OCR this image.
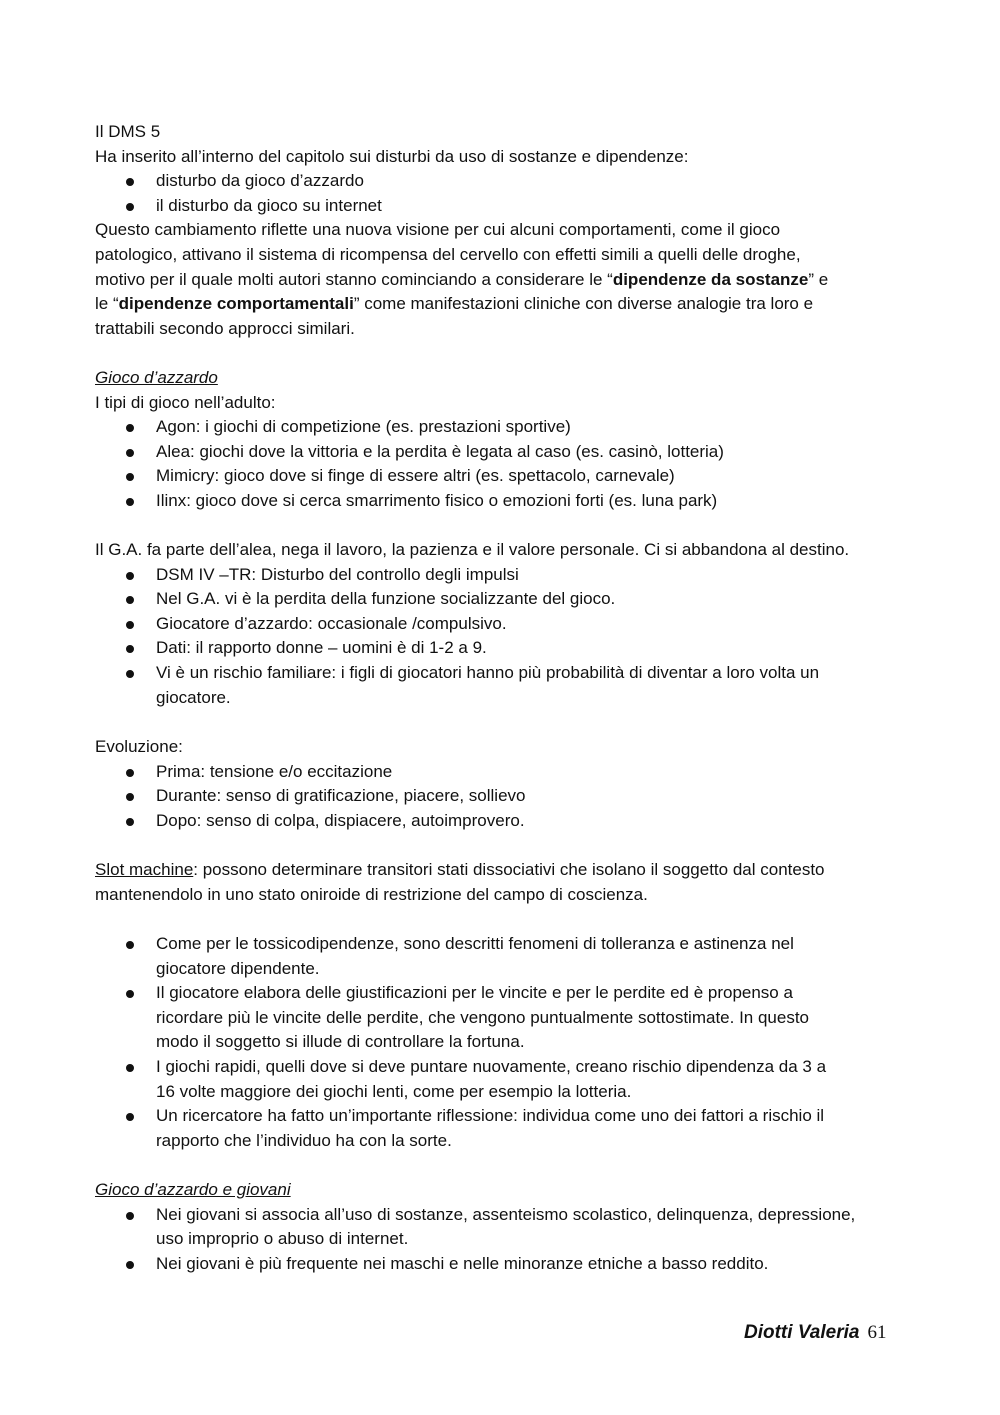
Il DMS 5
Ha inserito all’interno del capitolo sui disturbi da uso di sostanze e dipendenze:
disturbo da gioco d’azzardo
il disturbo da gioco su internet
Questo cambiamento riflette una nuova visione per cui alcuni comportamenti, come il gioco
patologico, attivano il sistema di ricompensa del cervello con effetti simili a quelli delle droghe,
motivo per il quale molti autori stanno cominciando a considerare le “dipendenze da sostanze” e
le “dipendenze comportamentali” come manifestazioni cliniche con diverse analogie tra loro e
trattabili secondo approcci similari.
Gioco d’azzardo
I tipi di gioco nell’adulto:
Agon: i giochi di competizione (es. prestazioni sportive)
Alea: giochi dove la vittoria e la perdita è legata al caso (es. casinò, lotteria)
Mimicry: gioco dove si finge di essere altri (es. spettacolo, carnevale)
Ilinx: gioco dove si cerca smarrimento fisico o emozioni forti (es. luna park)
Il G.A. fa parte dell’alea, nega il lavoro, la pazienza e il valore personale. Ci si abbandona al destino.
DSM IV –TR: Disturbo del controllo degli impulsi
Nel G.A. vi è la perdita della funzione socializzante del gioco.
Giocatore d’azzardo: occasionale /compulsivo.
Dati: il rapporto donne – uomini è di 1-2 a 9.
Vi è un rischio familiare: i figli di giocatori hanno più probabilità di diventar a loro volta un
giocatore.
Evoluzione:
Prima: tensione e/o eccitazione
Durante: senso di gratificazione, piacere, sollievo
Dopo: senso di colpa, dispiacere, autoimprovero.
Slot machine: possono determinare transitori stati dissociativi che isolano il soggetto dal contesto
mantenendolo in uno stato oniroide di restrizione del campo di coscienza.
Come per le tossicodipendenze, sono descritti fenomeni di tolleranza e astinenza nel
giocatore dipendente.
Il giocatore elabora delle giustificazioni per le vincite e per le perdite ed è propenso a
ricordare più le vincite delle perdite, che vengono puntualmente sottostimate. In questo
modo il soggetto si illude di controllare la fortuna.
I giochi rapidi, quelli dove si deve puntare nuovamente, creano rischio dipendenza da 3 a
16 volte maggiore dei giochi lenti, come per esempio la lotteria.
Un ricercatore ha fatto un’importante riflessione: individua come uno dei fattori a rischio il
rapporto che l’individuo ha con la sorte.
Gioco d’azzardo e giovani
Nei giovani si associa all’uso di sostanze, assenteismo scolastico, delinquenza, depressione,
uso improprio o abuso di internet.
Nei giovani è più frequente nei maschi e nelle minoranze etniche a basso reddito.
Diotti Valeria 61
